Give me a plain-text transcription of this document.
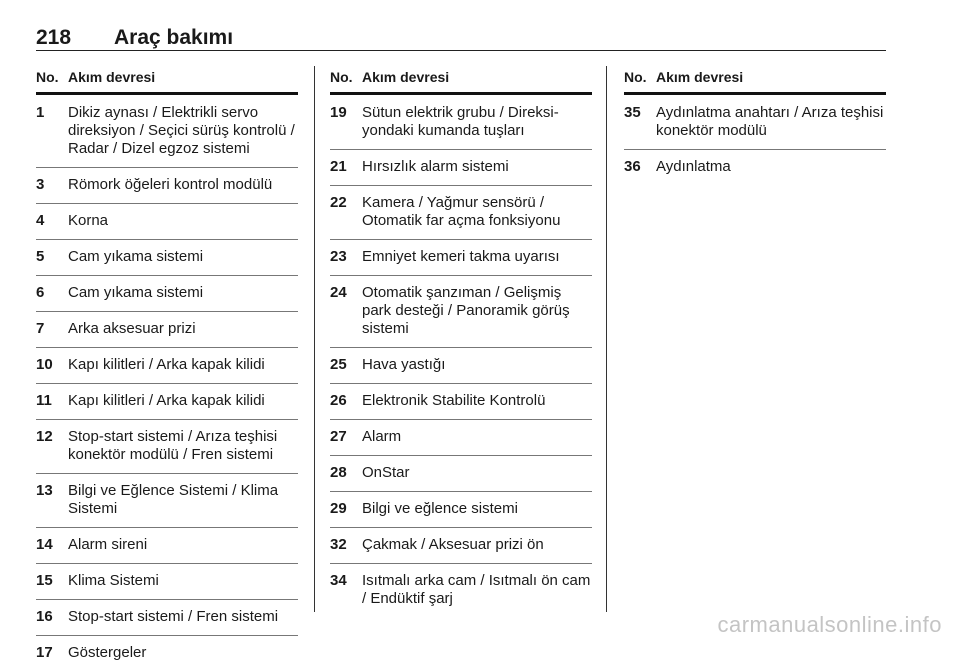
218 Araç bakımı
No. Akım devresi
1 Dikiz aynası / Elektrikli servo direksiyon / Seçici sürüş kontrolü / Radar / Dizel egzoz sistemi
3 Römork öğeleri kontrol modülü
4 Korna
5 Cam yıkama sistemi
6 Cam yıkama sistemi
7 Arka aksesuar prizi
10 Kapı kilitleri / Arka kapak kilidi
11 Kapı kilitleri / Arka kapak kilidi
12 Stop-start sistemi / Arıza teşhisi konektör modülü / Fren sistemi
13 Bilgi ve Eğlence Sistemi / Klima Sistemi
14 Alarm sireni
15 Klima Sistemi
16 Stop-start sistemi / Fren sistemi
17 Göstergeler
No. Akım devresi
19 Sütun elektrik grubu / Direksi-yondaki kumanda tuşları
21 Hırsızlık alarm sistemi
22 Kamera / Yağmur sensörü / Otomatik far açma fonksiyonu
23 Emniyet kemeri takma uyarısı
24 Otomatik şanzıman / Gelişmiş park desteği / Panoramik görüş sistemi
25 Hava yastığı
26 Elektronik Stabilite Kontrolü
27 Alarm
28 OnStar
29 Bilgi ve eğlence sistemi
32 Çakmak / Aksesuar prizi ön
34 Isıtmalı arka cam / Isıtmalı ön cam / Endüktif şarj
No. Akım devresi
35 Aydınlatma anahtarı / Arıza teşhisi konektör modülü
36 Aydınlatma
carmanualsonline.info
